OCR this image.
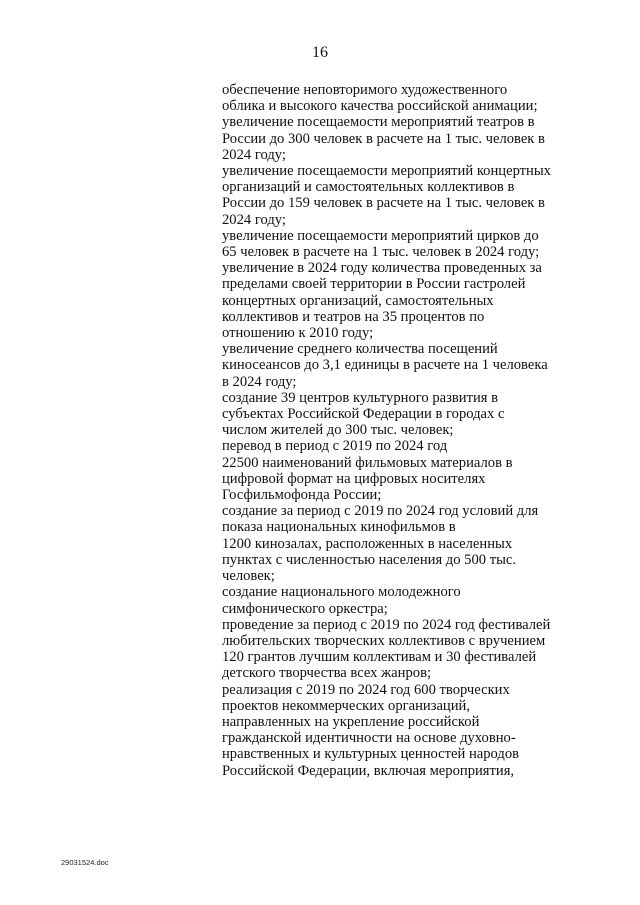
16
обеспечение неповторимого художественного
облика и высокого качества российской анимации;
увеличение посещаемости мероприятий театров в
России до 300 человек в расчете на 1 тыс. человек в
2024 году;
увеличение посещаемости мероприятий концертных
организаций и самостоятельных коллективов в
России до 159 человек в расчете на 1 тыс. человек в
2024 году;
увеличение посещаемости мероприятий цирков до
65 человек в расчете на 1 тыс. человек в 2024 году;
увеличение в 2024 году количества проведенных за
пределами своей территории в России гастролей
концертных организаций, самостоятельных
коллективов и театров на 35 процентов по
отношению к 2010 году;
увеличение среднего количества посещений
киносеансов до 3,1 единицы в расчете на 1 человека
в 2024 году;
создание 39 центров культурного развития в
субъектах Российской Федерации в городах с
числом жителей до 300 тыс. человек;
перевод в период с 2019 по 2024 год
22500 наименований фильмовых материалов в
цифровой формат на цифровых носителях
Госфильмофонда России;
создание за период с 2019 по 2024 год условий для
показа национальных кинофильмов в
1200 кинозалах, расположенных в населенных
пунктах с численностью населения до 500 тыс.
человек;
создание национального молодежного
симфонического оркестра;
проведение за период с 2019 по 2024 год фестивалей
любительских творческих коллективов с вручением
120 грантов лучшим коллективам и 30 фестивалей
детского творчества всех жанров;
реализация с 2019 по 2024 год 600 творческих
проектов некоммерческих организаций,
направленных на укрепление российской
гражданской идентичности на основе духовно-
нравственных и культурных ценностей народов
Российской Федерации, включая мероприятия,
29031524.doc
